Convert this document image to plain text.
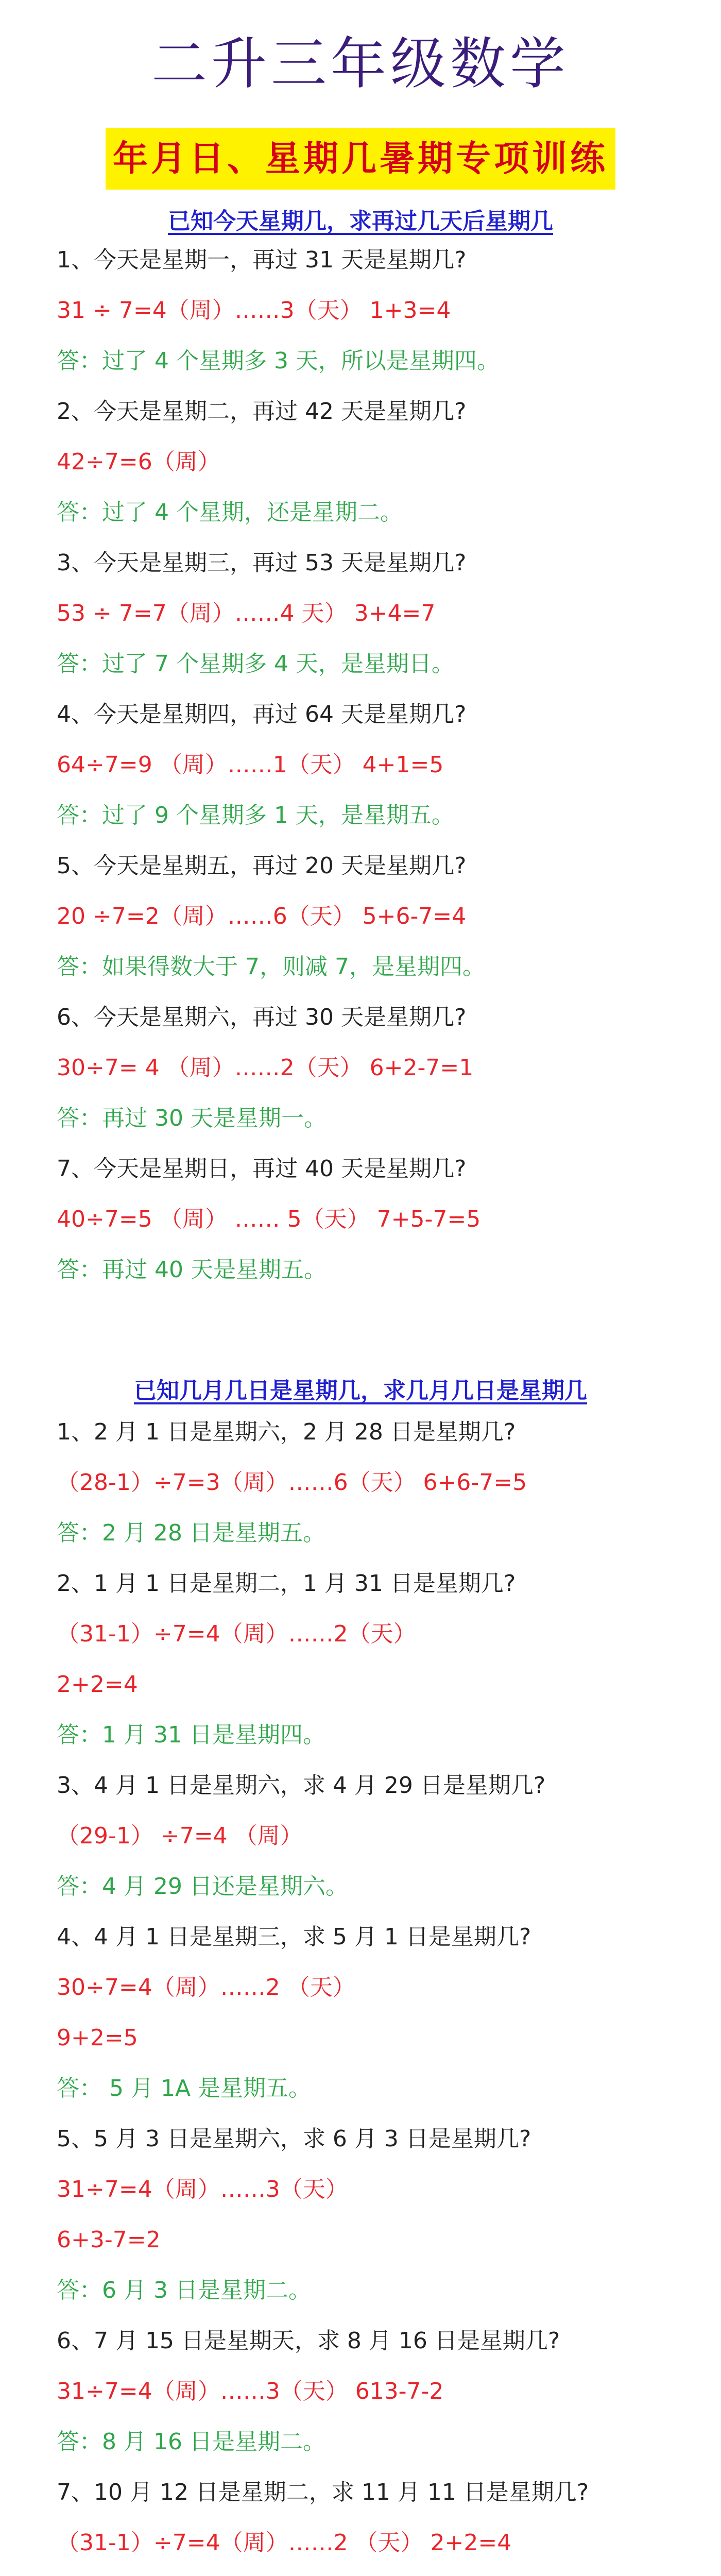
二升三年级数学
年月日、星期几暑期专项训练
已知今天星期几，求再过几天后星期几
1、今天是星期一，再过 31 天是星期几?
31 ÷ 7=4（周）……3（天） 1+3=4
答：过了 4 个星期多 3 天，所以是星期四。
2、今天是星期二，再过 42 天是星期几?
42÷7=6（周）
答：过了 4 个星期，还是星期二。
3、今天是星期三，再过 53 天是星期几?
53 ÷ 7=7（周）……4 天） 3+4=7
答：过了 7 个星期多 4 天，是星期日。
4、今天是星期四，再过 64 天是星期几?
64÷7=9 （周）……1（天） 4+1=5
答：过了 9 个星期多 1 天，是星期五。
5、今天是星期五，再过 20 天是星期几?
20 ÷7=2（周）……6（天） 5+6-7=4
答：如果得数大于 7，则减 7，是星期四。
6、今天是星期六，再过 30 天是星期几?
30÷7= 4 （周）……2（天） 6+2-7=1
答：再过 30 天是星期一。
7、今天是星期日，再过 40 天是星期几?
40÷7=5 （周） …… 5（天） 7+5-7=5
答：再过 40 天是星期五。
已知几月几日是星期几，求几月几日是星期几
1、2 月 1 日是星期六，2 月 28 日是星期几?
（28-1）÷7=3（周）……6（天） 6+6-7=5
答：2 月 28 日是星期五。
2、1 月 1 日是星期二，1 月 31 日是星期几?
（31-1）÷7=4（周）……2（天）
2+2=4
答：1 月 31 日是星期四。
3、4 月 1 日是星期六，求 4 月 29 日是星期几?
（29-1） ÷7=4 （周）
答：4 月 29 日还是星期六。
4、4 月 1 日是星期三，求 5 月 1 日是星期几?
30÷7=4（周）……2 （天）
9+2=5
答： 5 月 1A 是星期五。
5、5 月 3 日是星期六，求 6 月 3 日是星期几?
31÷7=4（周）……3（天）
6+3-7=2
答：6 月 3 日是星期二。
6、7 月 15 日是星期天，求 8 月 16 日是星期几?
31÷7=4（周）……3（天） 613-7-2
答：8 月 16 日是星期二。
7、10 月 12 日是星期二，求 11 月 11 日是星期几?
（31-1）÷7=4（周）……2 （天） 2+2=4
